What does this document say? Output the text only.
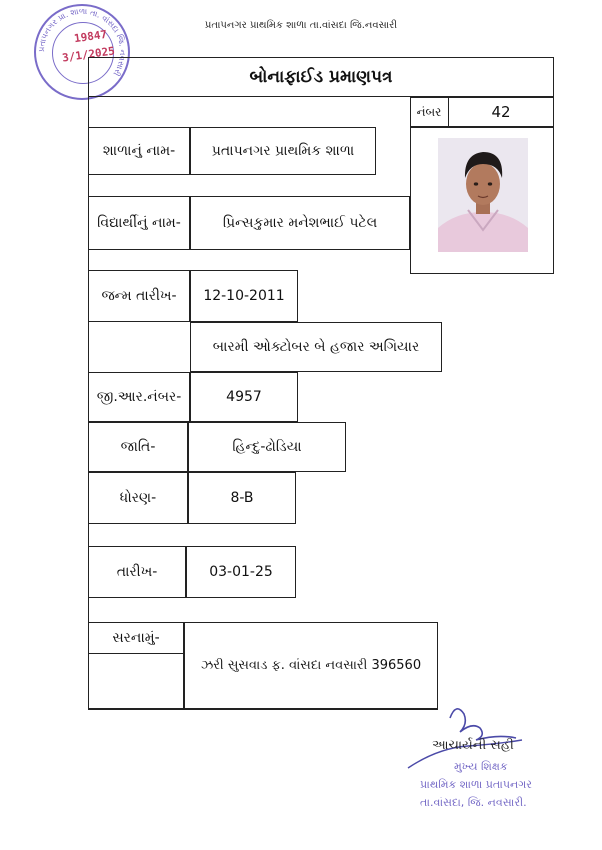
પ્રતાપનગર પ્રાથમિક શાળા તા.વાંસદા જિ.નવસારી
પ્રતાપનગર પ્રા. શાળા તા. વાંસદા જિ. નવસારી
19847
3/1/2025
બોનાફાઈડ પ્રમાણપત્ર
નંબર	42
શાળાનું નામ-	પ્રતાપનગર પ્રાથમિક શાળા
વિદ્યાર્થીનું નામ-	પ્રિન્સકુમાર મનેશભાઈ પટેલ
જન્મ તારીખ-	12-10-2011
બારમી ઓક્ટોબર બે હજાર અગિયાર
જી.આર.નંબર-	4957
જાતિ-	હિન્દુ-ઢોડિયા
ધોરણ-	8-B
તારીખ-	03-01-25
સરનામું-
ઝરી સુસવાડ ફ. વાંસદા નવસારી 396560
આચાર્યની સહી
મુખ્ય શિક્ષક
પ્રાથમિક શાળા પ્રતાપનગર
તા.વાંસદા, જિ. નવસારી.
